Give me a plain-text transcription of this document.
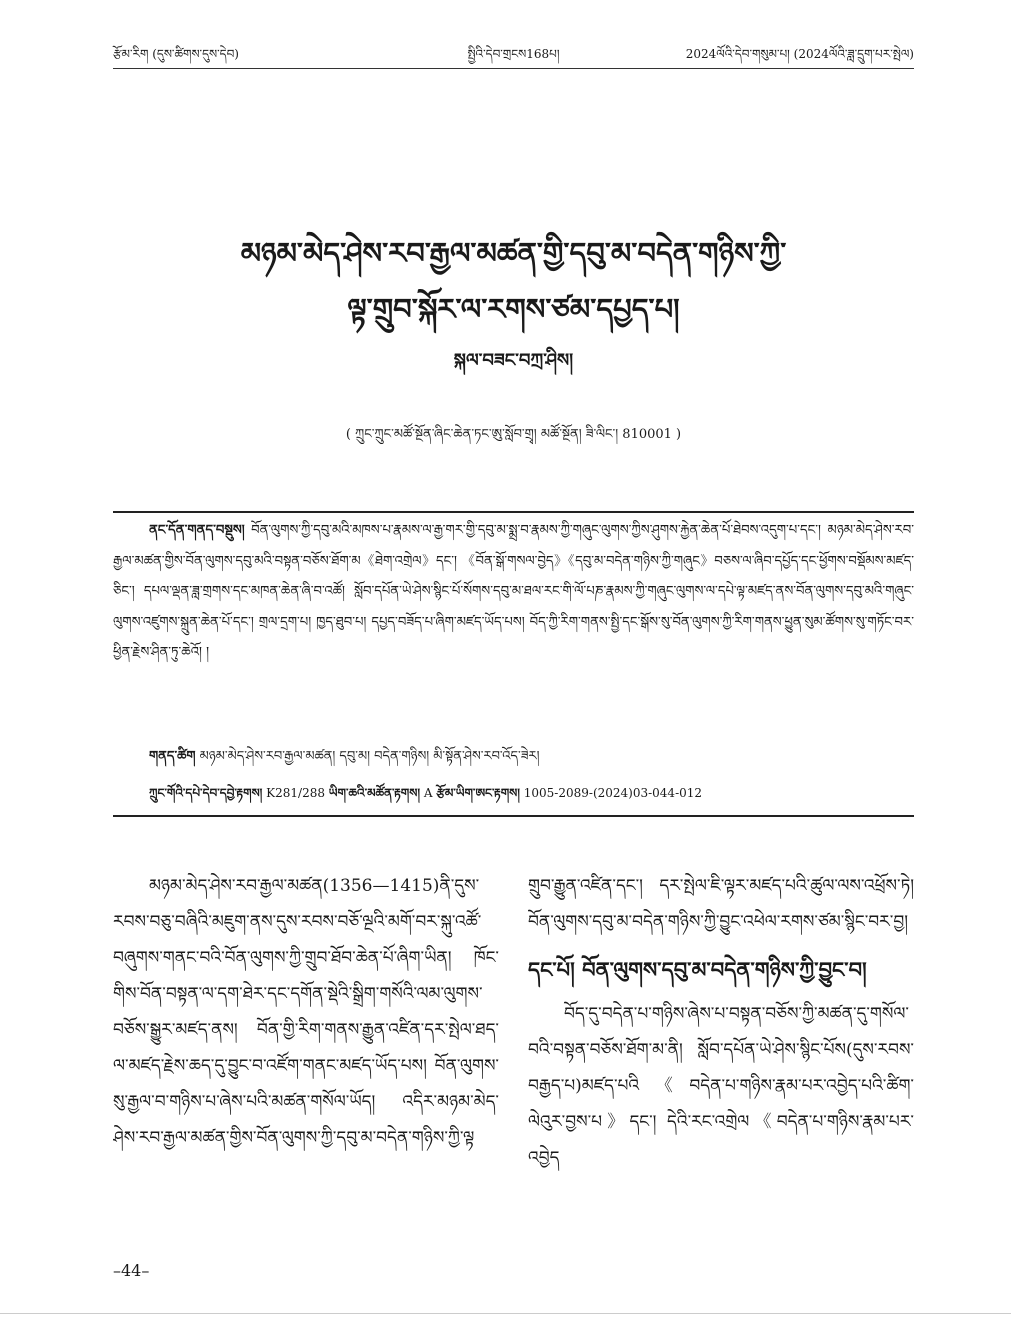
རྩོམ་རིག (དུས་ཚིགས་དུས་དེབ)	སྤྱིའི་དེབ་གྲངས168པ།	2024ལོའི་དེབ་གསུམ་པ། (2024ལོའི་ཟླ་དྲུག་པར་སྤེལ)
མཉམ་མེད་ཤེས་རབ་རྒྱལ་མཚན་གྱི་དབུ་མ་བདེན་གཉིས་ཀྱི་
ལྟ་གྲུབ་སྐོར་ལ་རགས་ཙམ་དཔྱད་པ།
སྐལ་བཟང་བཀྲ་ཤིས།
( ཀྲུང་ཀྲུང་མཚོ་སྔོན་ཞིང་ཆེན་ཏང་ཨུ་སློབ་གྲྭ། མཚོ་སྔོན། ཟི་ལིང་། 810001 )
ནང་དོན་གནད་བསྡུས། བོན་ལུགས་ཀྱི་དབུ་མའི་མཁས་པ་རྣམས་ལ་རྒྱ་གར་གྱི་དབུ་མ་སྨྲ་བ་རྣམས་ཀྱི་གཞུང་ལུགས་ཀྱིས་ཤུགས་རྐྱེན་ཆེན་པོ་ཐེབས་འདུག་པ་དང་། མཉམ་མེད་ཤེས་རབ་རྒྱལ་མཚན་གྱིས་བོན་ལུགས་དབུ་མའི་བསྟན་བཅོས་ཐོག་མ《ཐེག་འགྲེལ》དང་། 《བོན་སྒོ་གསལ་བྱེད》《དབུ་མ་བདེན་གཉིས་ཀྱི་གཞུང》བཅས་ལ་ཞིབ་དཔྱོད་དང་ཕྱོགས་བསྡོམས་མཛད་ཅིང་། དཔལ་ལྡན་ཟླ་གྲགས་དང་མཁན་ཆེན་ཞི་བ་འཚོ། སློབ་དཔོན་ཡེ་ཤེས་སྙིང་པོ་སོགས་དབུ་མ་ཐལ་རང་གི་ལོ་པཎ་རྣམས་ཀྱི་གཞུང་ལུགས་ལ་དཔེ་ལྟ་མཛད་ནས་བོན་ལུགས་དབུ་མའི་གཞུང་ལུགས་འཛུགས་སྐྲུན་ཆེན་པོ་དང་། གྲལ་དྲག་པ། ཁྱད་ཐུབ་པ། དཔྱད་བཟོད་པ་ཞིག་མཛད་ཡོད་པས། བོད་ཀྱི་རིག་གནས་སྤྱི་དང་སྒོས་སུ་བོན་ལུགས་ཀྱི་རིག་གནས་ཕྱུན་སུམ་ཚོགས་སུ་གཏོང་བར་ཕྱིན་རྗེས་ཤིན་ཏུ་ཆེའོ། །
གནད་ཚིག མཉམ་མེད་ཤེས་རབ་རྒྱལ་མཚན། དབུ་མ། བདེན་གཉིས། མི་སྟོན་ཤེས་རབ་འོད་ཟེར།
ཀྲུང་གོའི་དཔེ་དེབ་དབྱེ་རྟགས། K281/288 ཡིག་ཆའི་མཚོན་རྟགས། A རྩོམ་ཡིག་ཨང་རྟགས། 1005-2089-(2024)03-044-012

མཉམ་མེད་ཤེས་རབ་རྒྱལ་མཚན(1356—1415)ནི་དུས་རབས་བཅུ་བཞིའི་མཇུག་ནས་དུས་རབས་བཅོ་ལྔའི་མགོ་བར་སྐུ་འཚོ་བཞུགས་གནང་བའི་བོན་ལུགས་ཀྱི་གྲུབ་ཐོབ་ཆེན་པོ་ཞིག་ཡིན། ཁོང་གིས་བོན་བསྟན་ལ་དག་ཐེར་དང་དགོན་སྡེའི་སྒྲིག་གསོའི་ལམ་ལུགས་བཅོས་སྒྱུར་མཛད་ནས། བོན་གྱི་རིག་གནས་རྒྱུན་འཛིན་དར་སྤེལ་ཐད་ལ་མཛད་རྗེས་ཆད་དུ་བྱུང་བ་འཛོག་གནང་མཛད་ཡོད་པས། བོན་ལུགས་སུ་རྒྱལ་བ་གཉིས་པ་ཞེས་པའི་མཚན་གསོལ་ཡོད། འདིར་མཉམ་མེད་ཤེས་རབ་རྒྱལ་མཚན་གྱིས་བོན་ལུགས་ཀྱི་དབུ་མ་བདེན་གཉིས་ཀྱི་ལྟ

གྲུབ་རྒྱུན་འཛིན་དང་། དར་སྤེལ་ཇི་ལྟར་མཛད་པའི་ཚུལ་ལས་འཕྲོས་ཏེ། བོན་ལུགས་དབུ་མ་བདེན་གཉིས་ཀྱི་བྱུང་འཕེལ་རགས་ཙམ་སྙིང་བར་བྱ།

དང་པོ། བོན་ལུགས་དབུ་མ་བདེན་གཉིས་ཀྱི་བྱུང་བ།

བོད་དུ་བདེན་པ་གཉིས་ཞེས་པ་བསྟན་བཅོས་ཀྱི་མཚན་དུ་གསོལ་བའི་བསྟན་བཅོས་ཐོག་མ་ནི། སློབ་དཔོན་ཡེ་ཤེས་སྙིང་པོས(དུས་རབས་བརྒྱད་པ)མཛད་པའི《བདེན་པ་གཉིས་རྣམ་པར་འབྱེད་པའི་ཚིག་ལེའུར་བྱས་པ》དང་། དེའི་རང་འགྲེལ《བདེན་པ་གཉིས་རྣམ་པར་འབྱེད

–44–
